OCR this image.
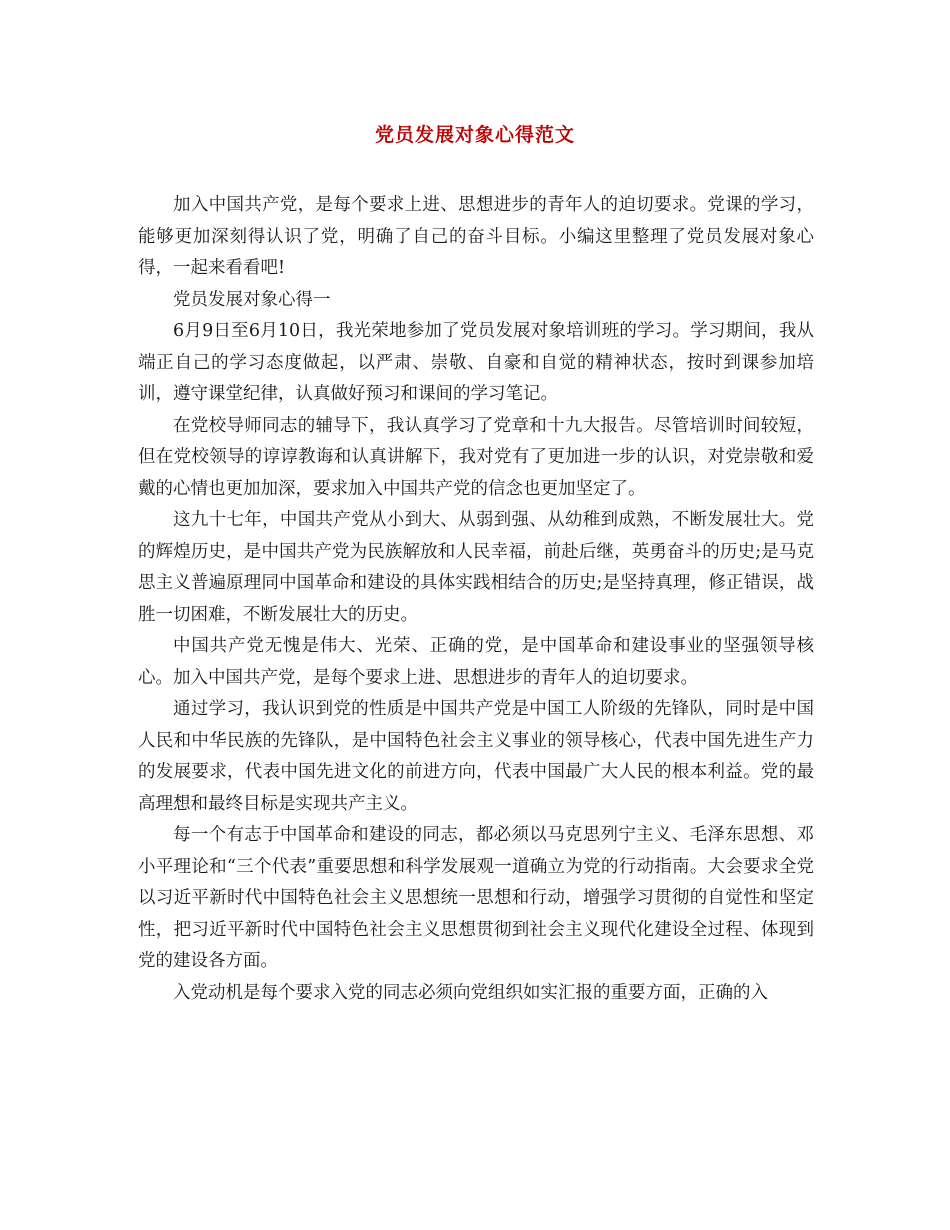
党员发展对象心得范文

加入中国共产党，是每个要求上进、思想进步的青年人的迫切要求。党课的学习，能够更加深刻得认识了党，明确了自己的奋斗目标。小编这里整理了党员发展对象心得，一起来看看吧!

党员发展对象心得一

6月9日至6月10日，我光荣地参加了党员发展对象培训班的学习。学习期间，我从端正自己的学习态度做起，以严肃、崇敬、自豪和自觉的精神状态，按时到课参加培训，遵守课堂纪律，认真做好预习和课间的学习笔记。

在党校导师同志的辅导下，我认真学习了党章和十九大报告。尽管培训时间较短，但在党校领导的谆谆教诲和认真讲解下，我对党有了更加进一步的认识，对党崇敬和爱戴的心情也更加加深，要求加入中国共产党的信念也更加坚定了。

这九十七年，中国共产党从小到大、从弱到强、从幼稚到成熟，不断发展壮大。党的辉煌历史，是中国共产党为民族解放和人民幸福，前赴后继，英勇奋斗的历史;是马克思主义普遍原理同中国革命和建设的具体实践相结合的历史;是坚持真理，修正错误，战胜一切困难，不断发展壮大的历史。

中国共产党无愧是伟大、光荣、正确的党，是中国革命和建设事业的坚强领导核心。加入中国共产党，是每个要求上进、思想进步的青年人的迫切要求。

通过学习，我认识到党的性质是中国共产党是中国工人阶级的先锋队，同时是中国人民和中华民族的先锋队，是中国特色社会主义事业的领导核心，代表中国先进生产力的发展要求，代表中国先进文化的前进方向，代表中国最广大人民的根本利益。党的最高理想和最终目标是实现共产主义。

每一个有志于中国革命和建设的同志，都必须以马克思列宁主义、毛泽东思想、邓小平理论和“三个代表”重要思想和科学发展观一道确立为党的行动指南。大会要求全党以习近平新时代中国特色社会主义思想统一思想和行动，增强学习贯彻的自觉性和坚定性，把习近平新时代中国特色社会主义思想贯彻到社会主义现代化建设全过程、体现到党的建设各方面。

入党动机是每个要求入党的同志必须向党组织如实汇报的重要方面，正确的入
